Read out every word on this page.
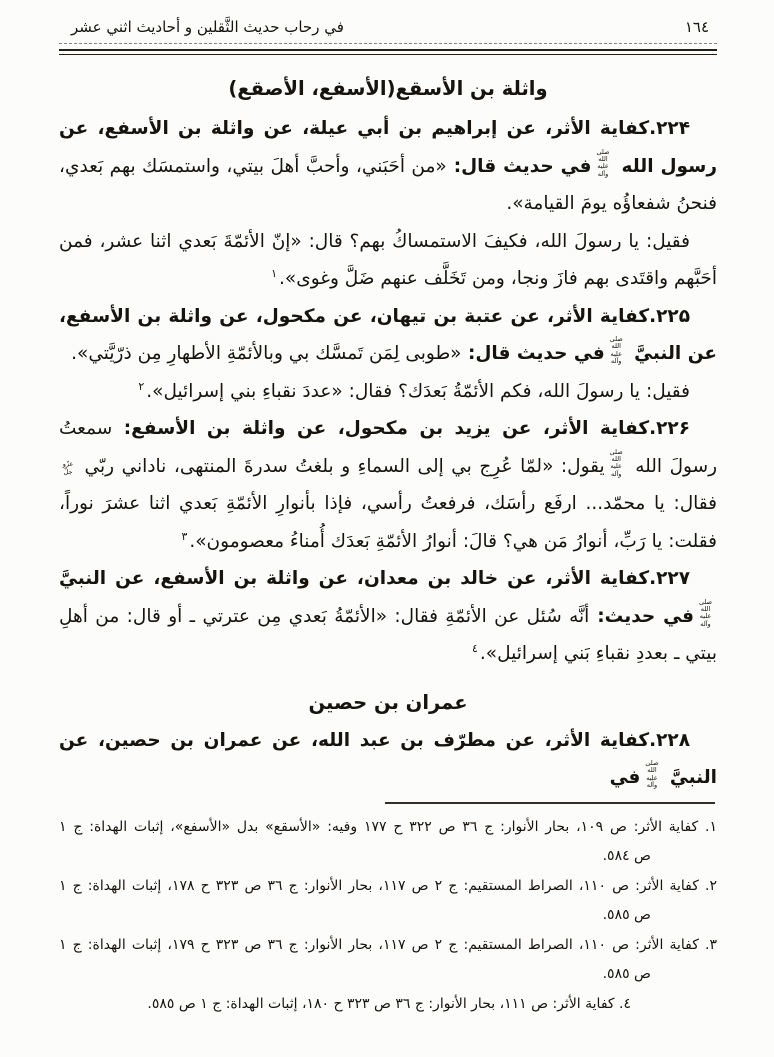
١٦٤
في رحاب حديث الثَّقلين و أحاديث اثني عشر
واثلة بن الأسقع(الأسفع، الأصقع)

۲۲۴.كفاية الأثر، عن إبراهيم بن أبي عيلة، عن واثلة بن الأسفع، عن رسول الله صلى الله عليه وآلهفي حديث قال: «من أحَبَني، وأحبَّ أهلَ بيتي، واستمسَك بهم بَعدي، فنحنُ شفعاؤُه يومَ القيامة».

فقيل: يا رسولَ الله، فكيفَ الاستمساكُ بهم؟ قال: «إنّ الأئمّةَ بَعدي اثنا عشر، فمن أحَبَّهم واقتَدى بهم فازَ ونجا، ومن تَخَلَّف عنهم ضَلَّ وغوى».$^١$

۲۲۵.كفاية الأثر، عن عتبة بن تيهان، عن مكحول، عن واثلة بن الأسفع، عن النبيَّ صلى الله عليه وآلهفي حديث قال: «طوبى لِمَن تَمسَّك بي وبالأئمّةِ الأطهارِ مِن ذرّيَّتي».

فقيل: يا رسولَ الله، فكم الأئمّةُ بَعدَك؟ فقال: «عددَ نقباءِ بني إسرائيل».$^٢$

۲۲۶.كفاية الأثر، عن يزيد بن مكحول، عن واثلة بن الأسفع: سمعتُ رسولَ الله صلى الله عليه وآلهيقول: «لمّا عُرِج بي إلى السماءِ و بلغتُ سدرةَ المنتهى، ناداني ربّي عزّوجلّفقال: يا محمّد... ارفَع رأسَك، فرفعتُ رأسي، فإذا بأنوارِ الأئمّةِ بَعدي اثنا عشرَ نوراً، فقلت: يا رَبِّ، أنوارُ مَن هي؟ قالَ: أنوارُ الأئمّةِ بَعدَك أُمناءُ معصومون».$^٣$

۲۲۷.كفاية الأثر، عن خالد بن معدان، عن واثلة بن الأسفع، عن النبيَّ صلى الله عليه وآلهفي حديث: أنَّه سُئل عن الأئمّةِ فقال: «الأئمّةُ بَعدي مِن عترتي ـ أو قال: من أهلِ بيتي ـ بعددِ نقباءِ بَني إسرائيل».$^٤$

عمران بن حصين

۲۲۸.كفاية الأثر، عن مطرّف بن عبد الله، عن عمران بن حصين، عن النبيَّ صلى الله عليه وآلهفي

١. كفاية الأثر: ص ١٠٩، بحار الأنوار: ج ٣٦ ص ٣٢٢ ح ١٧٧ وفيه: «الأسقع» بدل «الأسفع»، إثبات الهداة: ج ١
ص ٥٨٤.
٢. كفاية الأثر: ص ١١٠، الصراط المستقيم: ج ٢ ص ١١٧، بحار الأنوار: ج ٣٦ ص ٣٢٣ ح ١٧٨، إثبات الهداة: ج ١
ص ٥٨٥.
٣. كفاية الأثر: ص ١١٠، الصراط المستقيم: ج ٢ ص ١١٧، بحار الأنوار: ج ٣٦ ص ٣٢٣ ح ١٧٩، إثبات الهداة: ج ١
ص ٥٨٥.
٤. كفاية الأثر: ص ١١١، بحار الأنوار: ج ٣٦ ص ٣٢٣ ح ١٨٠، إثبات الهداة: ج ١ ص ٥٨٥.
